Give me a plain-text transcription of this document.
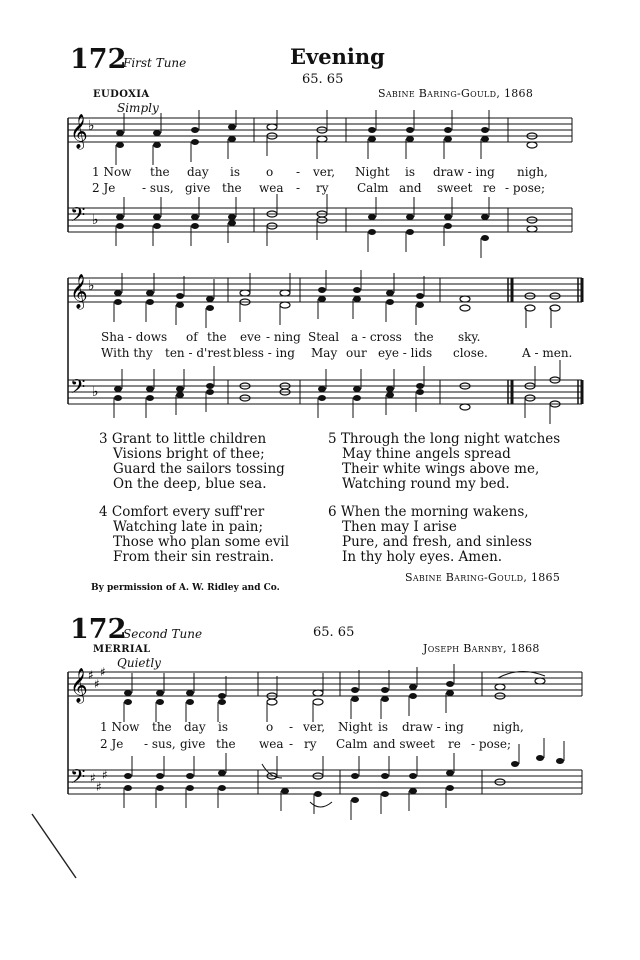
172
First Tune	Evening
65. 65
EUDOXIA	Sabine Baring-Gould, 1868
Simply
𝄞 ♭
𝄢 ♭
1 Now the day is o - ver, Night is draw - ing nigh,
2 Je - sus, give the wea - ry Calm and sweet re - pose;
𝄞 ♭
𝄢 ♭
Sha - dows of the eve - ning Steal a - cross the sky.
With thy ten - d'rest bless - ing May our eye - lids close.	A - men.
3 Grant to little children
Visions bright of thee;
Guard the sailors tossing
On the deep, blue sea.
4 Comfort every suff'rer
Watching late in pain;
Those who plan some evil
From their sin restrain.
5 Through the long night watches
May thine angels spread
Their white wings above me,
Watching round my bed.
6 When the morning wakens,
Then may I arise
Pure, and fresh, and sinless
In thy holy eyes. Amen.
Sabine Baring-Gould, 1865
By permission of A. W. Ridley and Co.
172
Second Tune	65. 65
MERRIAL	Joseph Barnby, 1868
Quietly
𝄞 ♯
♯
♯
𝄢 ♯
♯
♯
1 Now the day is	o - ver, Night is draw - ing nigh,
2 Je - sus, give the wea - ry Calm and sweet re - pose;
